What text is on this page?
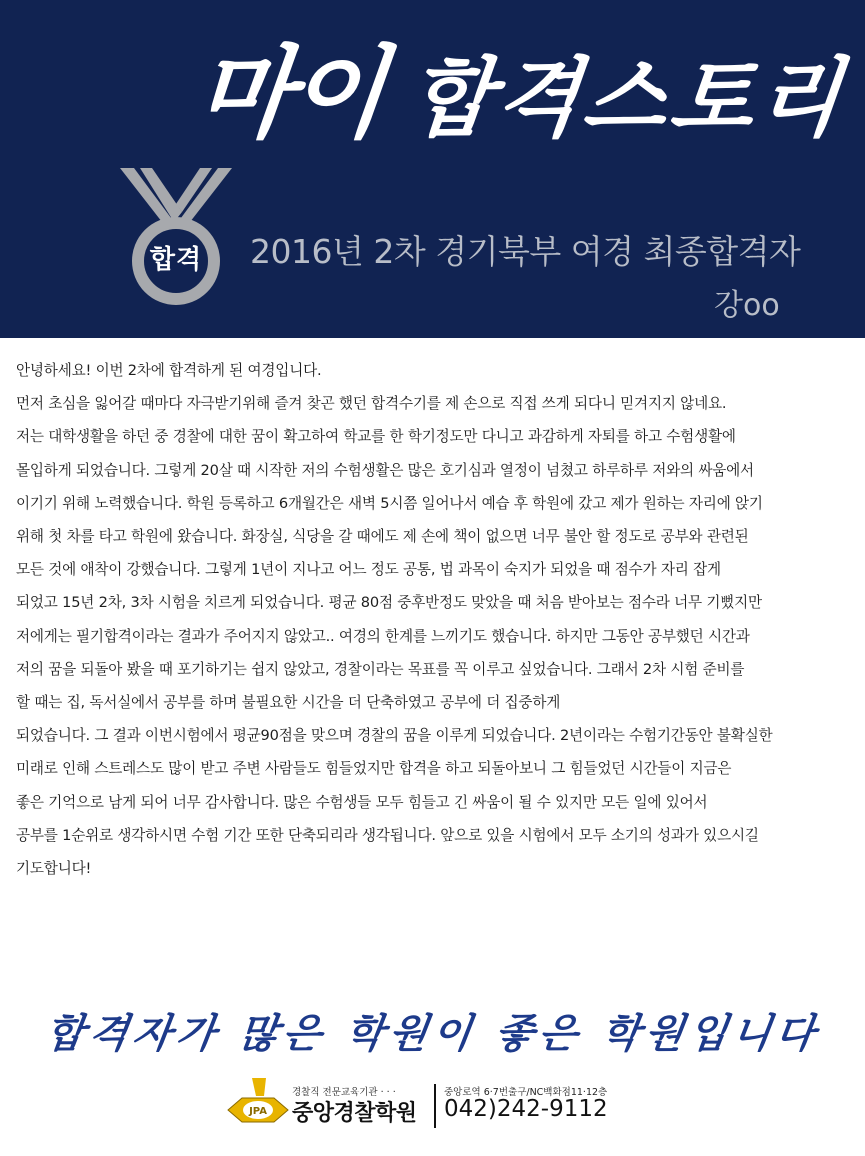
마이 합격스토리
합격	2016년 2차 경기북부 여경 최종합격자
강oo

안녕하세요! 이번 2차에 합격하게 된 여경입니다.

먼저 초심을 잃어갈 때마다 자극받기위해 즐겨 찾곤 했던 합격수기를 제 손으로 직접 쓰게 되다니 믿겨지지 않네요.

저는 대학생활을 하던 중 경찰에 대한 꿈이 확고하여 학교를 한 학기정도만 다니고 과감하게 자퇴를 하고 수험생활에

몰입하게 되었습니다. 그렇게 20살 때 시작한 저의 수험생활은 많은 호기심과 열정이 넘쳤고 하루하루 저와의 싸움에서

이기기 위해 노력했습니다. 학원 등록하고 6개월간은 새벽 5시쯤 일어나서 예습 후 학원에 갔고 제가 원하는 자리에 앉기

위해 첫 차를 타고 학원에 왔습니다. 화장실, 식당을 갈 때에도 제 손에 책이 없으면 너무 불안 할 정도로 공부와 관련된

모든 것에 애착이 강했습니다. 그렇게 1년이 지나고 어느 정도 공통, 법 과목이 숙지가 되었을 때 점수가 자리 잡게

되었고 15년 2차, 3차 시험을 치르게 되었습니다. 평균 80점 중후반정도 맞았을 때 처음 받아보는 점수라 너무 기뻤지만

저에게는 필기합격이라는 결과가 주어지지 않았고.. 여경의 한계를 느끼기도 했습니다. 하지만 그동안 공부했던 시간과

저의 꿈을 되돌아 봤을 때 포기하기는 쉽지 않았고, 경찰이라는 목표를 꼭 이루고 싶었습니다. 그래서 2차 시험 준비를

할 때는 집, 독서실에서 공부를 하며 불필요한 시간을 더 단축하였고 공부에 더 집중하게

되었습니다. 그 결과 이번시험에서 평균90점을 맞으며 경찰의 꿈을 이루게 되었습니다. 2년이라는 수험기간동안 불확실한

미래로 인해 스트레스도 많이 받고 주변 사람들도 힘들었지만 합격을 하고 되돌아보니 그 힘들었던 시간들이 지금은

좋은 기억으로 남게 되어 너무 감사합니다. 많은 수험생들 모두 힘들고 긴 싸움이 될 수 있지만 모든 일에 있어서

공부를 1순위로 생각하시면 수험 기간 또한 단축되리라 생각됩니다. 앞으로 있을 시험에서 모두 소기의 성과가 있으시길

기도합니다!

합격자가 많은 학원이 좋은 학원입니다
JPA
경찰직 전문교육기관 · · ·
중앙경찰학원
중앙로역 6·7번출구/NC백화점11·12층
042)242-9112
